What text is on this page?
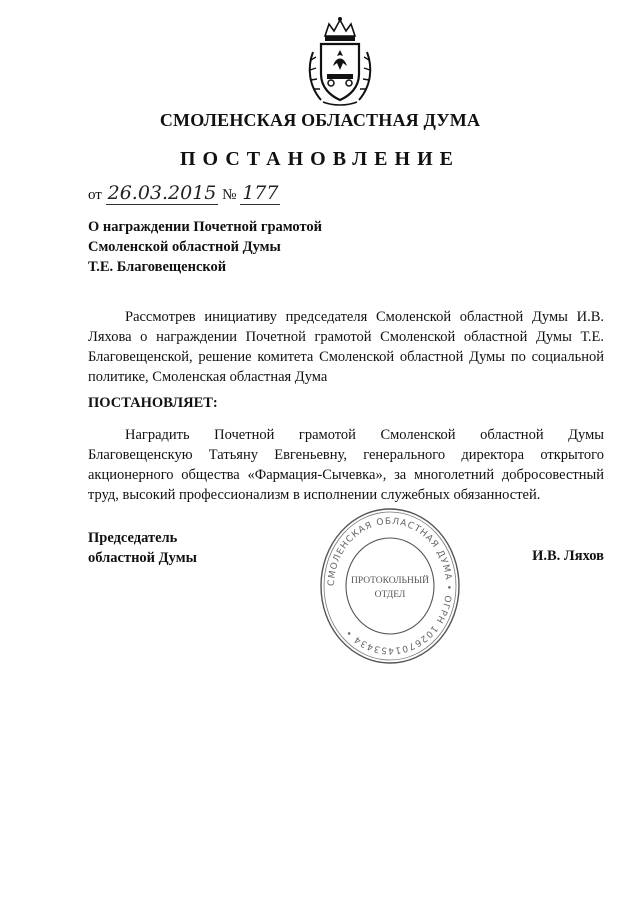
СМОЛЕНСКАЯ ОБЛАСТНАЯ ДУМА
ПОСТАНОВЛЕНИЕ
от 26.03.2015 № 177
О награждении Почетной грамотой
Смоленской областной Думы
Т.Е. Благовещенской
Рассмотрев инициативу председателя Смоленской областной Думы И.В. Ляхова о награждении Почетной грамотой Смоленской областной Думы Т.Е. Благовещенской, решение комитета Смоленской областной Думы по социальной политике, Смоленская областная Дума
ПОСТАНОВЛЯЕТ:
Наградить Почетной грамотой Смоленской областной Думы Благовещенскую Татьяну Евгеньевну, генерального директора открытого акционерного общества «Фармация-Сычевка», за многолетний добросовестный труд, высокий профессионализм в исполнении служебных обязанностей.
Председатель
областной Думы	И.В. Ляхов
СМОЛЕНСКАЯ ОБЛАСТНАЯ ДУМА • ОГРН 1026701453434 •
ПРОТОКОЛЬНЫЙ
ОТДЕЛ
